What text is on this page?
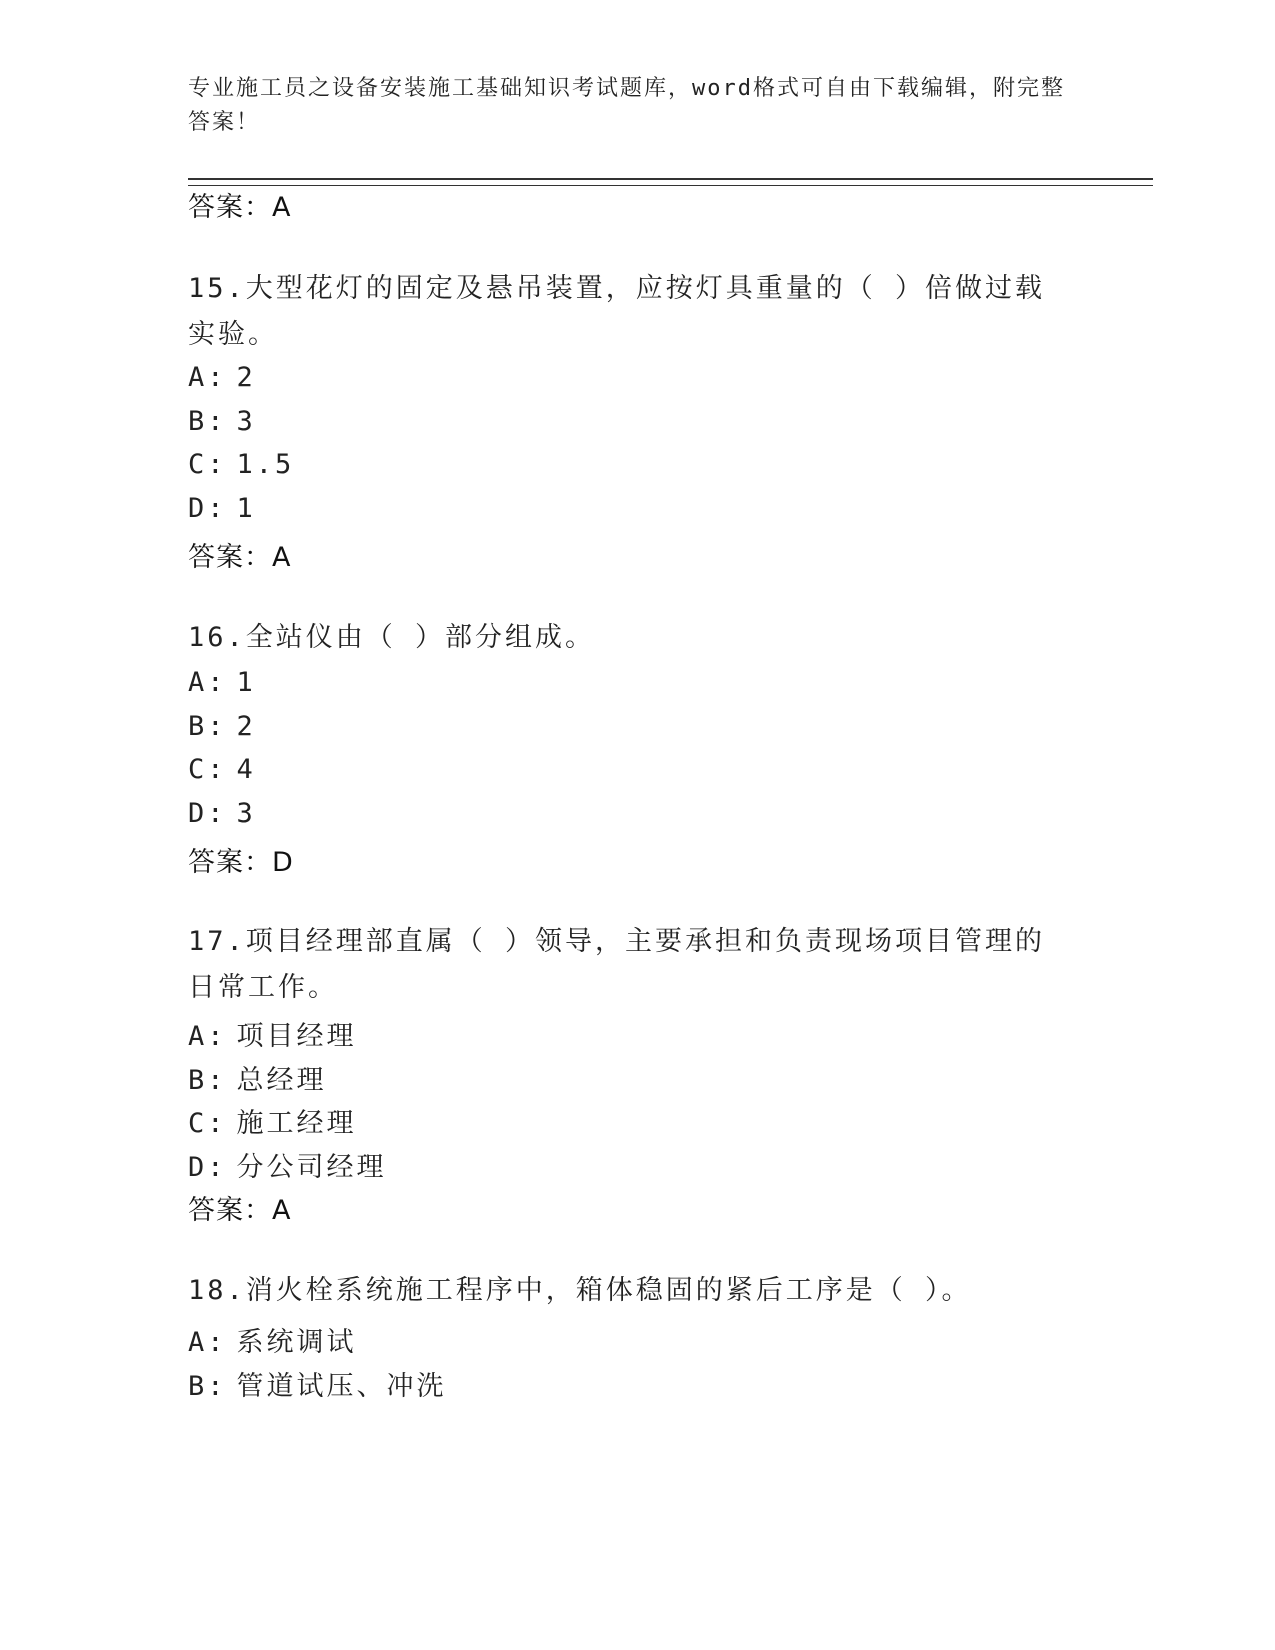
专业施工员之设备安装施工基础知识考试题库，word格式可自由下载编辑，附完整答案！
答案：A
15.大型花灯的固定及悬吊装置，应按灯具重量的（ ）倍做过载实验。
A: 2
B: 3
C: 1.5
D: 1
答案：A
16.全站仪由（ ）部分组成。
A: 1
B: 2
C: 4
D: 3
答案：D
17.项目经理部直属（ ）领导，主要承担和负责现场项目管理的日常工作。
A: 项目经理
B: 总经理
C: 施工经理
D: 分公司经理
答案：A
18.消火栓系统施工程序中，箱体稳固的紧后工序是（ ）。
A: 系统调试
B: 管道试压、冲洗
